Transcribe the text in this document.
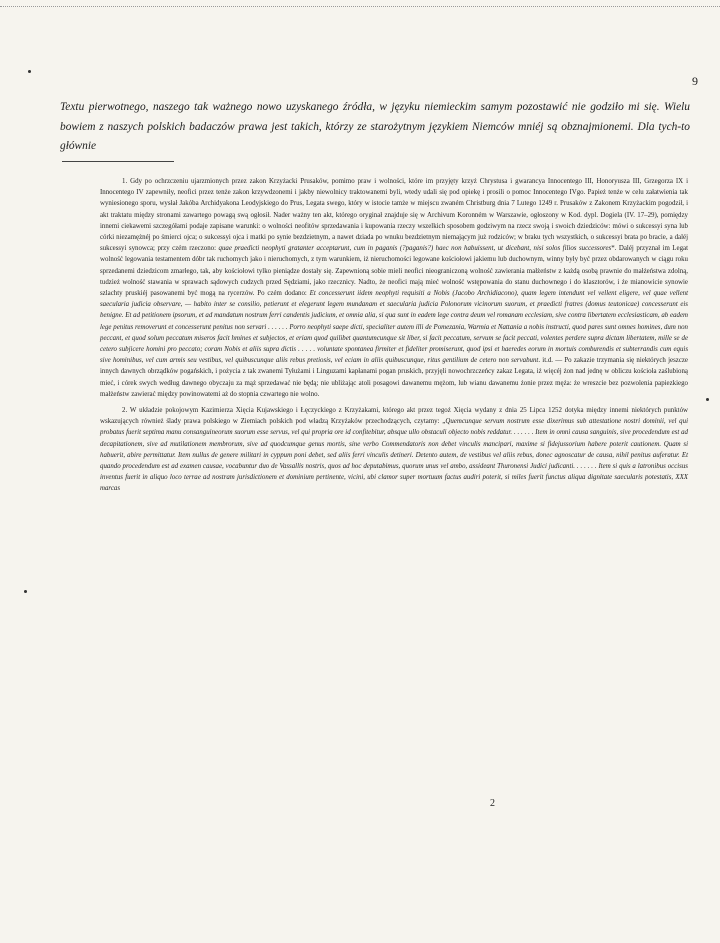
9

Textu pierwotnego, naszego tak ważnego nowo uzyskanego źródła, w języku niemieckim samym pozostawić nie godziło mi się. Wielu bowiem z naszych polskich badaczów prawa jest takich, którzy ze starożytnym językiem Niemców mniéj są obznajmionemi. Dla tych-to głównie

1. Gdy po ochrzczeniu ujarzmionych przez zakon Krzyżacki Prusaków, pomimo praw i wolności, które im przyjęty krzyż Chrystusa i gwarancya Innocentego III, Honoryusza III, Grzegorza IX i Innocentego IV zapewniły, neofici przez tenże zakon krzywdzonemi i jakby niewolnicy traktowanemi byli, wtedy udali się pod opiekę i prosili o pomoc Innocentego IVgo. Papież tenże w celu załatwienia tak wyniesionego sporu, wysłał Jakóba Archidyakona Leodyjskiego do Prus, Legata swego, który w istocie tamże w miejscu zwaném Christburg dnia 7 Lutego 1249 r. Prusaków z Zakonem Krzyżackim pogodził, i akt traktatu między stronami zawartego powagą swą ogłosił. Nader ważny ten akt, którego oryginał znajduje się w Archivum Koronném w Warszawie, ogłoszony w Kod. dypl. Dogiela (IV. 17–29), pomiędzy innemi ciekawemi szczegółami podaje zapisane warunki: o wolności neofitów sprzedawania i kupowania rzeczy wszelkich sposobem godziwym na rzecz swoją i swoich dziedziców: mówi o sukcessyi syna lub córki niezamężnéj po śmierci ojca; o sukcessyi ojca i matki po synie bezdzietnym, a nawet dziada po wnuku bezdzietnym niemającym już rodziców; w braku tych wszystkich, o sukcessyi brata po bracie, a daléj sukcessyi synowca; przy czém rzeczono: quae praedicti neophyti gratanter acceptarunt, cum in paganis (?paganis?) haec non habuissent, ut dicebant, nisi solos filios successores*. Daléj przyznał im Legat wolność legowania testamentem dóbr tak ruchomych jako i nieruchomych, z tym warunkiem, iż nieruchomości legowane kościołowi jakiemu lub duchownym, winny były być przez obdarowanych w ciągu roku sprzedanemi dziedzicom zmarłego, tak, aby kościołowi tylko pieniądze dostały się. Zapewnioną sobie mieli neofici nieograniczoną wolność zawierania małżeństw z każdą osobą prawnie do małżeństwa zdolną, tudzież wolność stawania w sprawach sądowych cudzych przed Sędziami, jako rzecznicy. Nadto, że neofici mają mieć wolność wstępowania do stanu duchownego i do klasztorów, i że mianowicie synowie szlachty pruskiéj pasowanemi być mogą na rycerzów. Po czém dodano: Et concesserunt iidem neophyti requisiti a Nobis (Jacobo Archidiacono), quam legem intendunt vel vellent eligere, vel quae vellent saecularia judicia observare, — habito inter se consilio, petierunt et elegerunt legem mundanam et saecularia judicia Polonorum vicinorum suorum, et praedicti fratres (domus teutonicae) concesserunt eis benigne. Et ad petitionem ipsorum, et ad mandatum nostrum ferri candentis judicium, et omnia alia, si qua sunt in eadem lege contra deum vel romanam ecclesiam, sive contra libertatem ecclesiasticam, ab eadem lege penitus removerunt et concesserunt penitus non servari . . . . . . Porro neophyti saepe dicti, specialiter autem illi de Pomezania, Warmia et Nattania a nobis instructi, quod pares sunt omnes homines, dum non peccant, et quod solum peccatum miseros facit hmines et subjectos, et eriam quod quilibet quantumcunque sit liber, si facit peccatum, servum se facit peccati, volentes perdere supra dictam libertatem, mille se de cetero subjicere homini pro peccato; coram Nobis et aliis supra dictis . . . . . voluntate spontanea firmiter et fideliter promiserunt, quod ipsi et haeredes eorum in mortuis comburendis et subterrandis cum equis sive hominibus, vel cum armis seu vestibus, vel quibuscunque aliis rebus pretiosis, vel eciam in aliis quibuscunque, ritus gentilium de cetero non servabunt. it.d. — Po zakazie trzymania się niektórych jeszcze innych dawnych obrządków pogańskich, i pożycia z tak zwanemi Tyłużami i Linguzami kapłanami pogan pruskich, przyjęli nowochrzczeńcy zakaz Legata, iż więcéj żon nad jednę w obliczu kościoła zaślubioną mieć, i córek swych według dawnego obyczaju za mąż sprzedawać nie będą; nie ubliżając atoli posagowi dawanemu mężom, lub wianu dawanemu żonie przez męża: że wreszcie bez pozwolenia papiezkiego małżeństw zawierać między powinowatemi aż do stopnia czwartego nie wolno.

2. W układzie pokojowym Kazimierza Xięcia Kujawskiego i Łęczyckiego z Krzyżakami, którego akt przez tegoż Xięcia wydany z dnia 25 Lipca 1252 dotyka między innemi niektórych punktów wskazujących również ślady prawa polskiego w Ziemiach polskich pod władzą Krzyżaków przechodzących, czytamy: „Quemcunque servum nostrum esse dixerimus sub attestatione nostri dominii, vel qui probatus fuerit septima manu consanguineorum suorum esse servus, vel qui propria ore id confitebitur, absque ullo obstaculi objecto nobis reddatur. . . . . . . Item in omni causa sanguinis, sive procedendum est ad decapitationem, sive ad mutilationem membrorum, sive ad quodcumque genus mortis, sine verbo Commendatoris non debet vinculis mancipari, maxime si fidejussorium habere poterit cautionem. Quam si habuerit, abire permittatur. Item nullus de genere militari in cyppum poni debet, sed aliis ferri vinculis detineri. Detento autem, de vestibus vel aliis rebus, donec agnoscatur de causa, nihil penitus auferatur. Et quando procedendum est ad examen causae, vocabuntur duo de Vassallis nostris, quos ad hoc deputabimus, quorum unus vel ambo, assideant Thuronensi Judici judicanti. . . . . . . Item si quis a latronibus occisus inventus fuerit in aliquo loco terrae ad nostram jurisdictionem et dominium pertinente, vicini, ubi clamor super mortuum factus audiri poterit, si miles fuerit functus aliqua dignitate saecularis potestatis, XXX marcas

2
